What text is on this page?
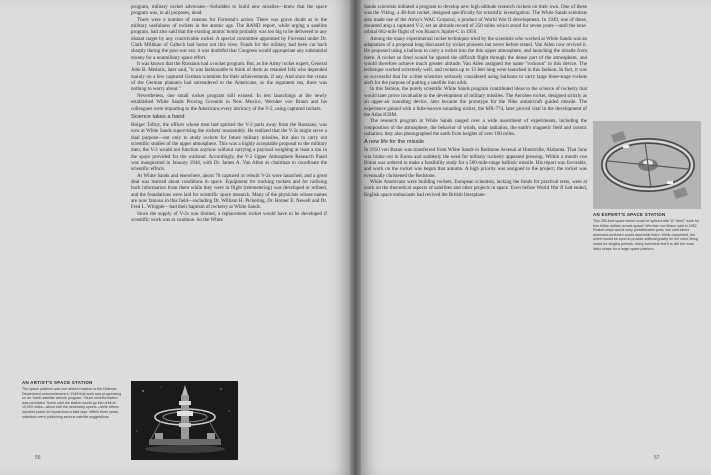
program, military rocket advocates—forbidden to build new missiles—knew that the space program was, to all purposes, dead.

There were a number of reasons for Forrestal's action. There was grave doubt as to the military usefulness of rockets in the atomic age. The RAND report, while urging a satellite program, had also said that the existing atomic bomb probably was too big to be delivered to any distant target by any conceivable rocket. A special committee appointed by Forrestal under Dr. Clark Millikan of Caltech had borne out this view. Funds for the military had been cut back sharply during the post-war era; it was doubtful that Congress would appropriate any substantial money for a nonmilitary space effort.

It was known that the Russians had a rocket program. But, as the Army rocket expert, General John B. Medaris, later said, "it was fashionable to think of them as retarded folk who depended mainly on a few captured German scientists for their achievements, if any. And since the cream of the German planners had surrendered to the Americans, so the argument ran, there was nothing to worry about."

Nevertheless, one small rocket program still existed. In test launchings at the newly established White Sands Proving Grounds in New Mexico, Wernher von Braun and his colleagues were imparting to the Americans every intricacy of the V-2, using captured rockets.

Science takes a hand

Holger Toftoy, the officer whose men had spirited the V-2 parts away from the Russians, was now at White Sands supervising the rockets' reassembly. He realized that the V-2s might serve a dual purpose—not only to study rockets for future military missiles, but also to carry out scientific studies of the upper atmosphere. This was a highly acceptable proposal to the military men; the V-2 would not function anyhow without carrying a payload weighing at least a ton in the space provided for the warhead. Accordingly, the V-2 Upper Atmosphere Research Panel was inaugurated in January 1946, with Dr. James A. Van Allen as chairman to coordinate the scientific efforts.

At White Sands and elsewhere, about 70 captured or rebuilt V-2s were launched, and a great deal was learned about conditions in space. Equipment for tracking rockets and for radioing back information from them while they were in flight (telemetering) was developed or refined, and the foundations were laid for scientific space research. Many of the physicists whose names are now famous in this field—including Dr. William H. Pickering, Dr. Homer E. Newell and Dr. Fred L. Whipple—had their baptism of rocketry at White Sands.

Since the supply of V-2s was limited, a replacement rocket would have to be developed if scientific work was to continue. So the White

AN ARTIST'S SPACE STATION
The space platform was one artist's reaction to the Defense Department announcement in 1948 that work was progressing on an "earth satellite vehicle program." Much misinformation was circulated. Some said the station would go into orbit at 10,000 miles—about half the necessary speed—while others reported plans for mysterious orbital rays. Within three years, scientists were publishing serious satellite suggestions.
56

Sands scientists initiated a program to develop new high-altitude research rockets on their own. One of these was the Viking, a 48-foot rocket, designed specifically for scientific investigation. The White Sands scientists also made use of the Army's WAC Corporal, a product of World War II development. In 1949, one of these, mounted atop a captured V-2, set an altitude record of 250 miles which stood for seven years—until the near-orbital 682-mile flight of von Braun's Jupiter-C in 1956.

Among the many experimental rocket techniques tried by the scientists who worked at White Sands was an adaptation of a proposal long discussed by rocket pioneers but never before tested. Van Allen now revived it. He proposed using a balloon to carry a rocket into the thin upper atmosphere, and launching the missile from there. A rocket so fired would be spared the difficult flight through the dense part of the atmosphere, and would therefore achieve much greater altitude. Van Allen assigned the name "rockoon" to this device. The technique worked extremely well, and rockets up to 13 feet long were launched in this fashion. In fact, it was so successful that for a time scientists seriously considered using balloons to carry large three-stage rockets aloft for the purpose of putting a satellite into orbit.

In this fashion, the purely scientific White Sands program contributed ideas to the science of rocketry that would later prove invaluable to the development of military missiles. The Aerobee rocket, designed strictly as an upper-air sounding device, later became the prototype for the Nike antiaircraft guided missile. The experience gained with a little-known sounding rocket, the MX-774, later proved vital in the development of the Atlas ICBM.

The research program at White Sands ranged over a wide assortment of experiments, including the composition of the atmosphere, the behavior of winds, solar radiation, the earth's magnetic field and cosmic radiation; they also photographed the earth from heights of over 100 miles.

A new life for the missile

In 1950 von Braun was transferred from White Sands to Redstone Arsenal at Huntsville, Alabama. That June war broke out in Korea and suddenly the need for military rocketry appeared pressing. Within a month von Braun was ordered to make a feasibility study for a 500-mile-range ballistic missile. His report was favorable, and work on the rocket was begun that autumn. A high priority was assigned to the project; the rocket was eventually christened the Redstone.

While Americans were building rockets, European scientists, lacking the funds for practical tests, were at work on the theoretical aspects of satellites and other projects in space. Even before World War II had ended, English space enthusiasts had revived the British Interplane-

AN EXPERT'S SPACE STATION
This 250-foot space wheel could be spliced with 10 "steel" work for four billion dollars across space! Wernher von Braun said in 1952. Rocket ships would carry prefabricated parts into orbit where astronaut-workmen would assemble them. While completed, the wheel would be spun to provide artificial gravity for the crew, living inside for lengthy periods. Many scientists feel it is still the most likely shape for a large space platform.
57
